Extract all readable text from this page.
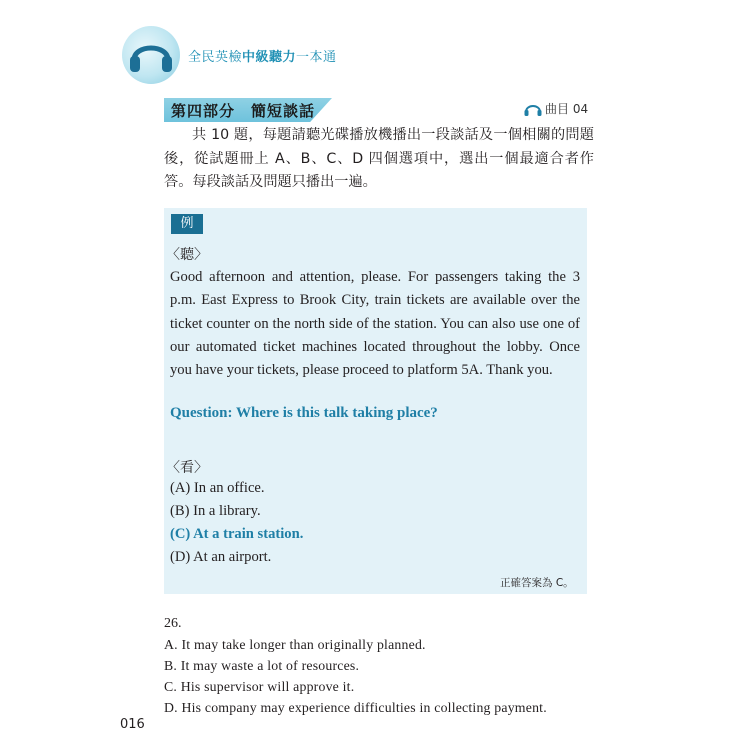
全民英檢中級聽力一本通
第四部分　簡短談話	曲目 04
共 10 題，每題請聽光碟播放機播出一段談話及一個相關的問題後，從試題冊上 A、B、C、D 四個選項中，選出一個最適合者作答。每段談話及問題只播出一遍。
例
〈聽〉
Good afternoon and attention, please. For passengers taking the 3 p.m. East Express to Brook City, train tickets are available over the ticket counter on the north side of the station. You can also use one of our automated ticket machines located throughout the lobby. Once you have your tickets, please proceed to platform 5A. Thank you.
Question: Where is this talk taking place?
〈看〉
(A) In an office.
(B) In a library.
(C) At a train station.
(D) At an airport.
正確答案為 C。
26.
A. It may take longer than originally planned.
B. It may waste a lot of resources.
C. His supervisor will approve it.
D. His company may experience difficulties in collecting payment.
016
